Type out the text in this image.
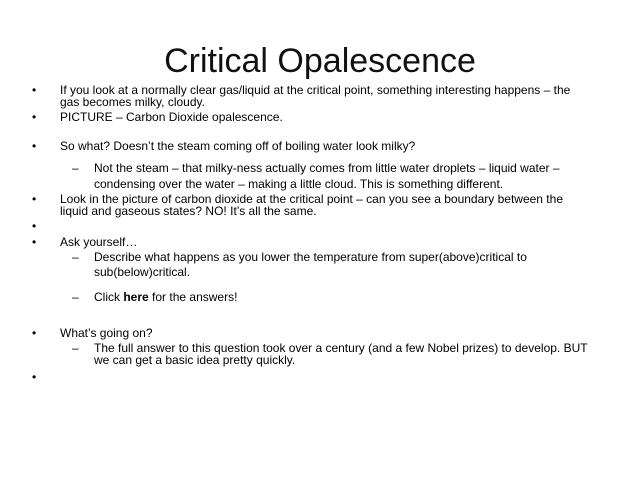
Critical Opalescence
• If you look at a normally clear gas/liquid at the critical point, something interesting happens – the
gas becomes milky, cloudy.
• PICTURE – Carbon Dioxide opalescence.
• So what? Doesn’t the steam coming off of boiling water look milky?
– Not the steam – that milky-ness actually comes from little water droplets – liquid water –
condensing over the water – making a little cloud. This is something different.
• Look in the picture of carbon dioxide at the critical point – can you see a boundary between the
liquid and gaseous states? NO! It’s all the same.
•
• Ask yourself…
– Describe what happens as you lower the temperature from super(above)critical to
sub(below)critical.
– Click here for the answers!
• What’s going on?
– The full answer to this question took over a century (and a few Nobel prizes) to develop. BUT
we can get a basic idea pretty quickly.
•
